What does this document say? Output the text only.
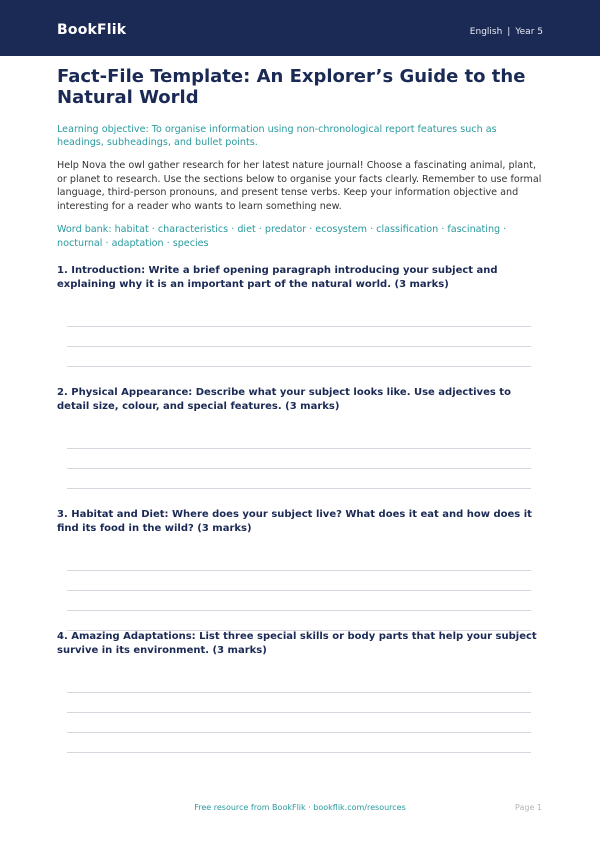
BookFlik	English | Year 5
Fact-File Template: An Explorer’s Guide to the Natural World
Learning objective: To organise information using non-chronological report features such as headings, subheadings, and bullet points.
Help Nova the owl gather research for her latest nature journal! Choose a fascinating animal, plant, or planet to research. Use the sections below to organise your facts clearly. Remember to use formal language, third-person pronouns, and present tense verbs. Keep your information objective and interesting for a reader who wants to learn something new.
Word bank: habitat · characteristics · diet · predator · ecosystem · classification · fascinating · nocturnal · adaptation · species
1. Introduction: Write a brief opening paragraph introducing your subject and explaining why it is an important part of the natural world. (3 marks)
2. Physical Appearance: Describe what your subject looks like. Use adjectives to detail size, colour, and special features. (3 marks)
3. Habitat and Diet: Where does your subject live? What does it eat and how does it find its food in the wild? (3 marks)
4. Amazing Adaptations: List three special skills or body parts that help your subject survive in its environment. (3 marks)
Free resource from BookFlik · bookflik.com/resources	Page 1
